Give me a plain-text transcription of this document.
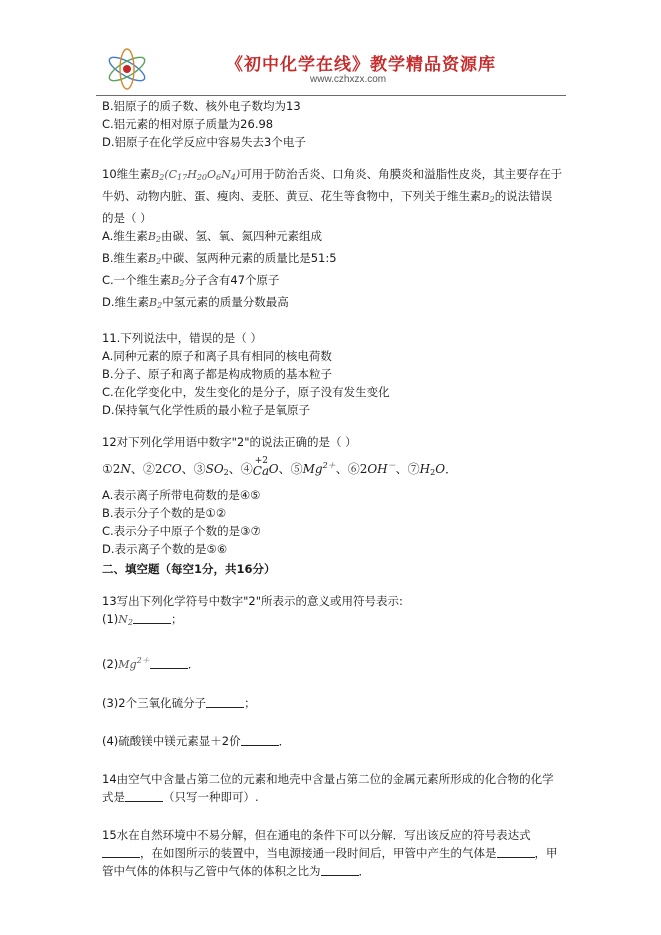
《初中化学在线》教学精品资源库
www.czhxzx.com
B.铝原子的质子数、核外电子数均为13
C.铝元素的相对原子质量为26.98
D.铝原子在化学反应中容易失去3个电子
10维生素$B_2(C_{17}H_{20}O_6N_4)$可用于防治舌炎、口角炎、角膜炎和溢脂性皮炎，其主要存在于
牛奶、动物内脏、蛋、瘦肉、麦胚、黄豆、花生等食物中，下列关于维生素$B_2$的说法错误
的是（ ）
A.维生素$B_2$由碳、氢、氧、氮四种元素组成
B.维生素$B_2$中碳、氢两种元素的质量比是51:5
C.一个维生素$B_2$分子含有47个原子
D.维生素$B_2$中氢元素的质量分数最高
11.下列说法中，错误的是（ ）
A.同种元素的原子和离子具有相同的核电荷数
B.分子、原子和离子都是构成物质的基本粒子
C.在化学变化中，发生变化的是分子，原子没有发生变化
D.保持氧气化学性质的最小粒子是氧原子
12对下列化学用语中数字"2"的说法正确的是（ ）
①2N、②2CO、$③SO_2$、④
+2
CaO、$⑤Mg^{2+}$、⑥2OH－、$⑦H_2O$．
A.表示离子所带电荷数的是④⑤
B.表示分子个数的是①②
C.表示分子中原子个数的是③⑦
D.表示离子个数的是⑤⑥
二、填空题（每空1分，共16分）
13写出下列化学符号中数字"2"所表示的意义或用符号表示:
$(1)N_2$	；
$(2)Mg^{2+}$	．
(3)2个三氧化硫分子	；
(4)硫酸镁中镁元素显＋2价	．
14由空气中含量占第二位的元素和地壳中含量占第二位的金属元素所形成的化合物的化学
式是	（只写一种即可）.
15水在自然环境中不易分解，但在通电的条件下可以分解．写出该反应的符号表达式
，在如图所示的装置中，当电源接通一段时间后，甲管中产生的气体是	，甲
管中气体的体积与乙管中气体的体积之比为	．
